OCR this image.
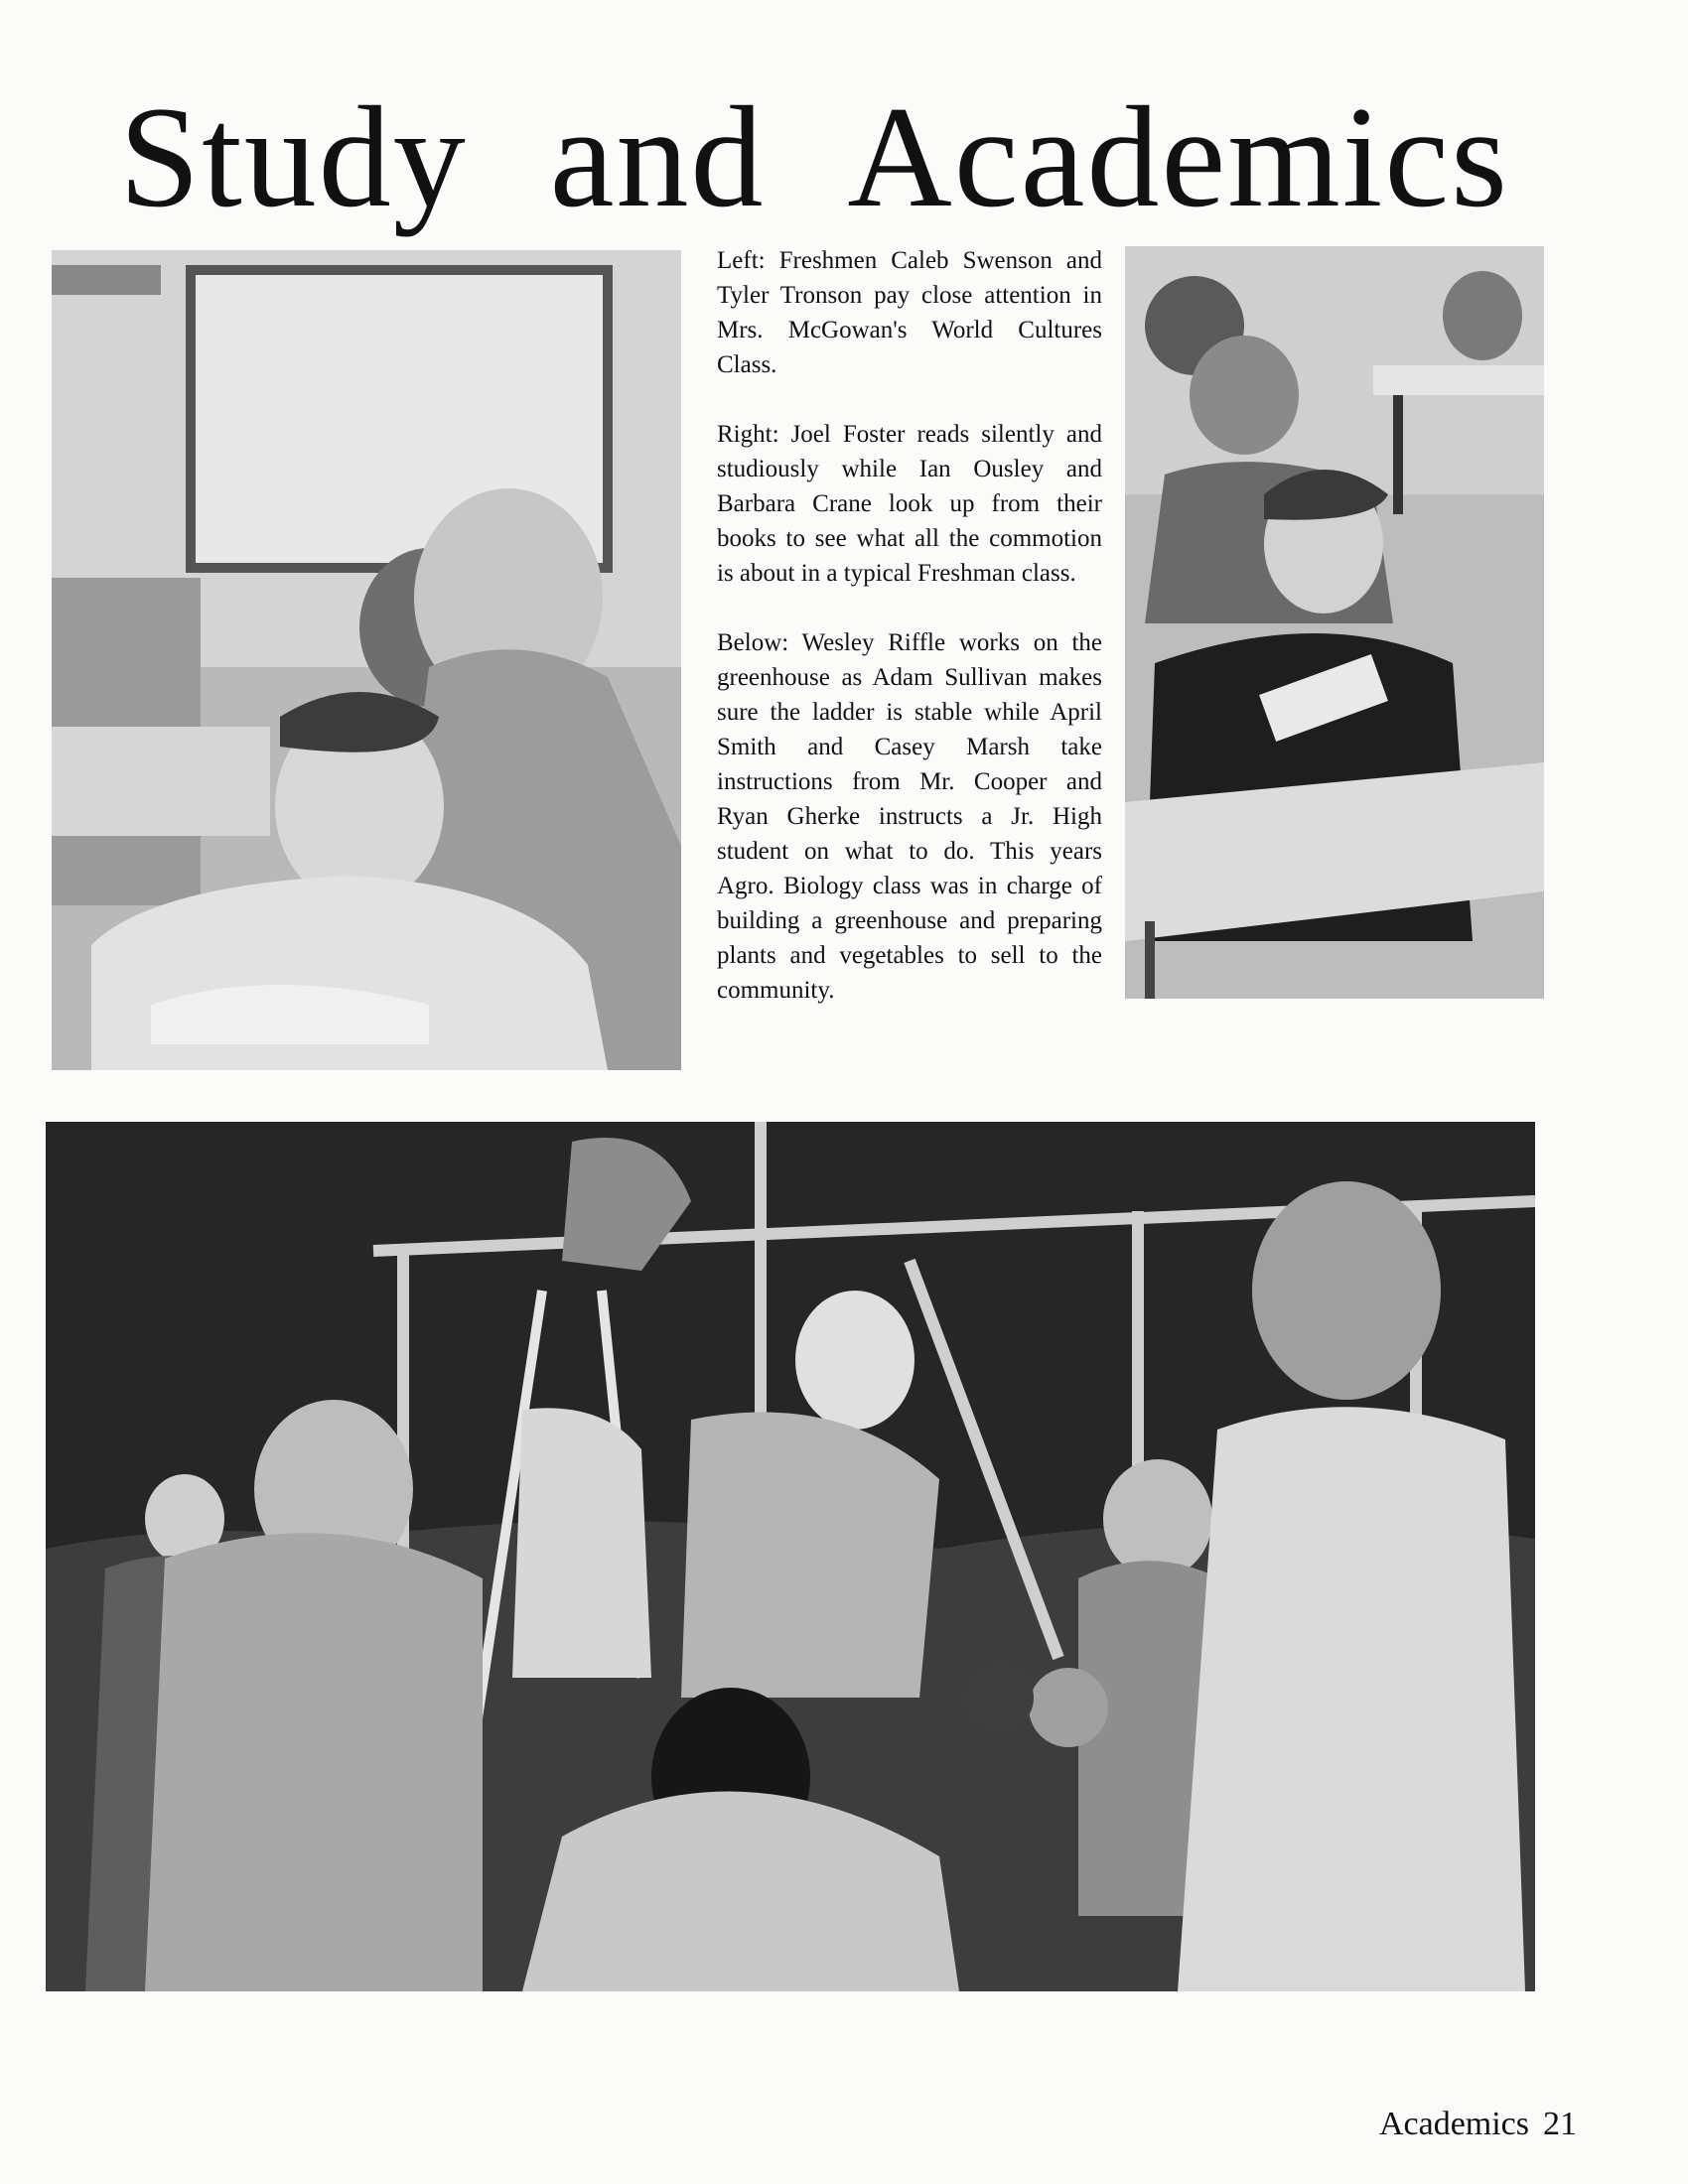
Study and Academics

Left: Freshmen Caleb Swenson and Tyler Tronson pay close attention in Mrs. McGowan's World Cultures Class.

Right: Joel Foster reads silently and studiously while Ian Ousley and Barbara Crane look up from their books to see what all the commotion is about in a typical Freshman class.

Below: Wesley Riffle works on the greenhouse as Adam Sullivan makes sure the ladder is stable while April Smith and Casey Marsh take instructions from Mr. Cooper and Ryan Gherke instructs a Jr. High student on what to do. This years Agro. Biology class was in charge of building a greenhouse and preparing plants and vegetables to sell to the community.

Academics 21
